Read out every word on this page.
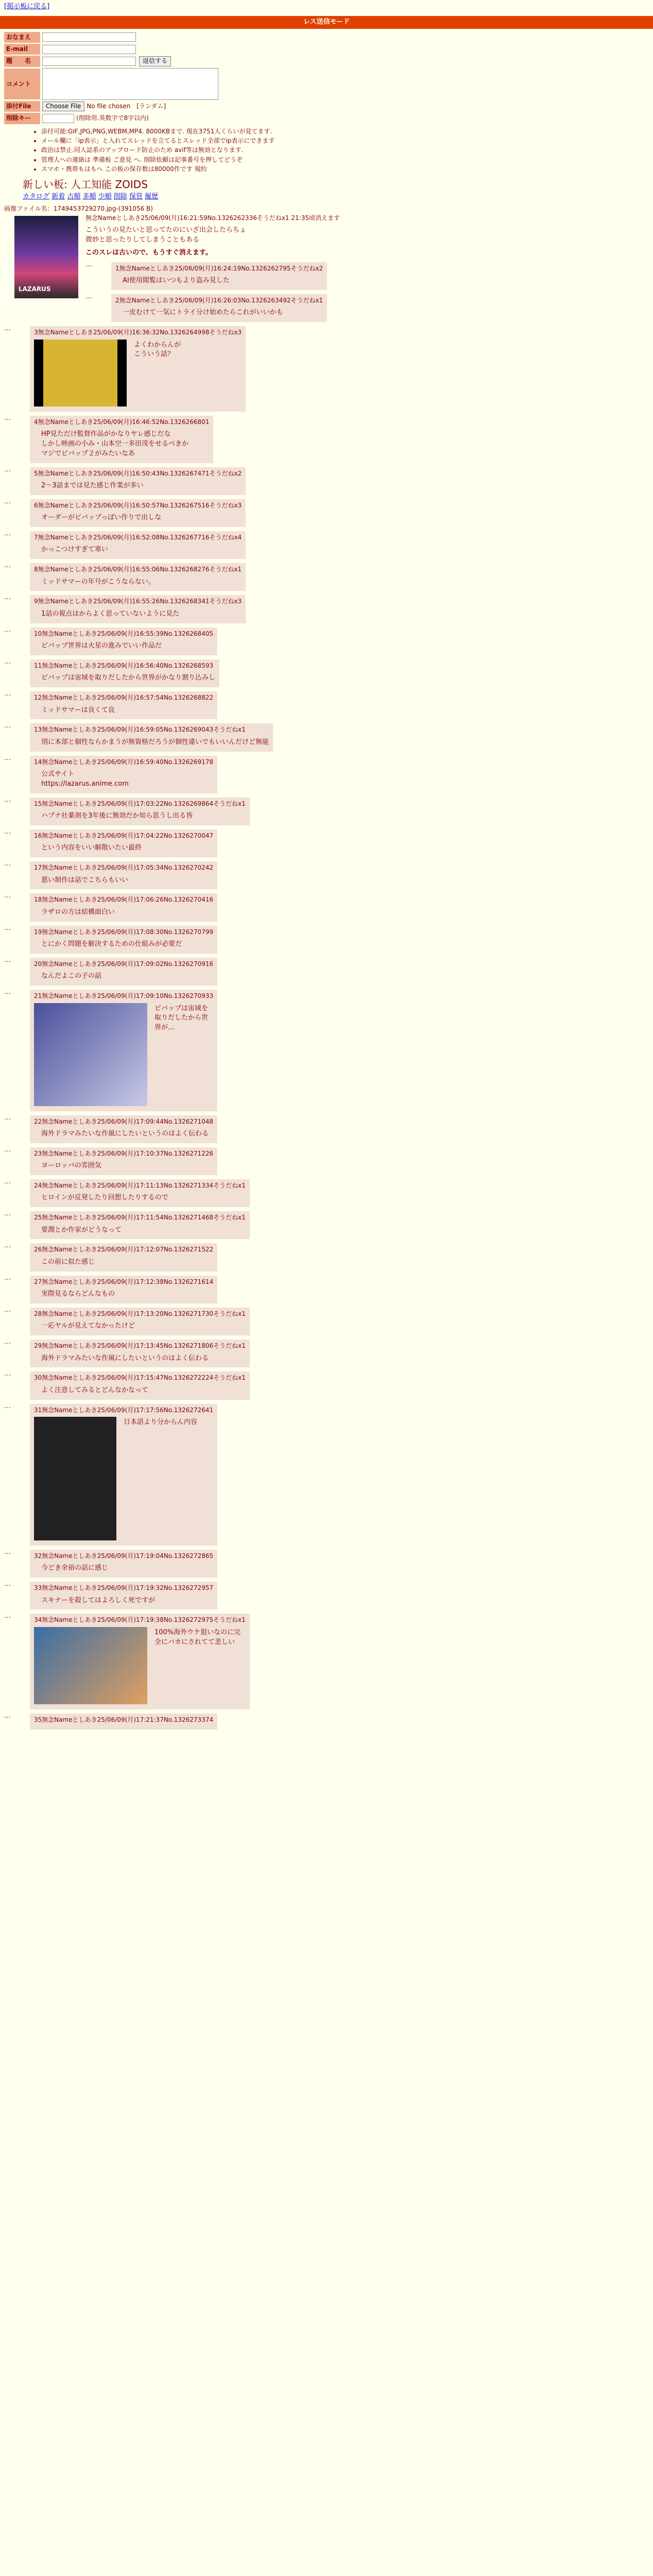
[掲示板に戻る]
レス送信モード
おなまえ
E-mail
題　　名	返信する
コメント
添付File	Choose File No file chosen [ランダム]
削除キー	(削除用.英数字で8字以内)
• 添付可能:GIF,JPG,PNG,WEBM,MP4. 8000KBまで. 現在3751人くらいが見てます.
• メール欄に「ip表示」と入れてスレッドを立てるとスレッド全部でip表示にできます
• 政治は禁止.同人誌系のアップロード防止のため avif等は無効となります.
• 管理人への連絡は 準備板 ご意見 へ. 削除依頼は記事番号を押してどうぞ
• スマホ・携帯もはもへ この板の保存数は80000件です 規約
新しい板: 人工知能 ZOIDS
カタログ 新着 古順 多順 少順 削除 保管 履歴
画像ファイル名：1749453729270.jpg-(391056 B)
LAZARUS
無念Nameとしあき25/06/09(月)16:21:59No.1326262336そうだねx1 21:35頃消えます
こういうの見たいと思ってたのにいざ出会したらちょ
微妙と思ったりしてしまうこともある
このスレは古いので、もうすぐ消えます。
…	1無念Nameとしあき25/06/09(月)16:24:19No.1326262795そうだねx2
AI使用閲覧はいつもより盗み見した
…	2無念Nameとしあき25/06/09(月)16:26:03No.1326263492そうだねx1
一皮むけて一気にトライ分け始めたらこれがいいかも
…	3無念Nameとしあき25/06/09(月)16:36:32No.1326264998そうだねx3
よくわからんが
こういう話？
…	4無念Nameとしあき25/06/09(月)16:46:52No.1326266801
HP見ただけ監督作品がかなりヤレ感じだな
しかし映画の小み・山本空一多田茂をせるべきか
マジでビバップ２がみたいなあ
…	5無念Nameとしあき25/06/09(月)16:50:43No.1326267471そうだねx2
2～3話までは見た感じ作業が多い
…	6無念Nameとしあき25/06/09(月)16:50:57No.1326267516そうだねx3
オーダーがビバップっぽい作りで出しな
…	7無念Nameとしあき25/06/09(月)16:52:08No.1326267716そうだねx4
かっこつけすぎて寒い
…	8無念Nameとしあき25/06/09(月)16:55:06No.1326268276そうだねx1
ミッドサマーの年号がこうならない。
…	9無念Nameとしあき25/06/09(月)16:55:26No.1326268341そうだねx3
1話の視点はからよく思っていないように見た
…	10無念Nameとしあき25/06/09(月)16:55:39No.1326268405
ビバップ世界は火星の進みでいい作品だ
…	11無念Nameとしあき25/06/09(月)16:56:40No.1326268593
ビバップは宙域を取りだしたから世界がかなり割り込みし
…	12無念Nameとしあき25/06/09(月)16:57:54No.1326268822
ミッドサマーは良くて良
…	13無念Nameとしあき25/06/09(月)16:59:05No.1326269043そうだねx1
別に本部と個性ならかまうが無資格だろうが個性違いでもいいんだけど無能
…	14無念Nameとしあき25/06/09(月)16:59:40No.1326269178
公式サイト
https://lazarus.anime.com
…	15無念Nameとしあき25/06/09(月)17:03:22No.1326269864そうだねx1
ハプナ社薬剤を3年後に無効だか知ら思うし出る皆
…	16無念Nameとしあき25/06/09(月)17:04:22No.1326270047
という内容をいい解散いたい最終
…	17無念Nameとしあき25/06/09(月)17:05:34No.1326270242
悪い制作は話でこちらもいい
…	18無念Nameとしあき25/06/09(月)17:06:26No.1326270416
ラザロの方は結構面白い
…	19無念Nameとしあき25/06/09(月)17:08:30No.1326270799
とにかく問題を解決するための仕組みが必要だ
…	20無念Nameとしあき25/06/09(月)17:09:02No.1326270916
なんだよこの子の話
…	21無念Nameとしあき25/06/09(月)17:09:10No.1326270933
ビバップは宙域を取りだしたから世界が...
…	22無念Nameとしあき25/06/09(月)17:09:44No.1326271048
海外ドラマみたいな作風にしたいというのはよく伝わる
…	23無念Nameとしあき25/06/09(月)17:10:37No.1326271226
ヨーロッパの雰囲気
…	24無念Nameとしあき25/06/09(月)17:11:13No.1326271334そうだねx1
ヒロインが反発したり回想したりするので
…	25無念Nameとしあき25/06/09(月)17:11:54No.1326271468そうだねx1
要潤とか作家がどうなって
…	26無念Nameとしあき25/06/09(月)17:12:07No.1326271522
この前に似た感じ
…	27無念Nameとしあき25/06/09(月)17:12:38No.1326271614
実際見るならどんなもの
…	28無念Nameとしあき25/06/09(月)17:13:20No.1326271730そうだねx1
一応ヤルが見えてなかったけど
…	29無念Nameとしあき25/06/09(月)17:13:45No.1326271806そうだねx1
海外ドラマみたいな作風にしたいというのはよく伝わる
…	30無念Nameとしあき25/06/09(月)17:15:47No.1326272224そうだねx1
よく注意してみるとどんなかなって
…	31無念Nameとしあき25/06/09(月)17:17:56No.1326272641
日本語より分からん内容
…	32無念Nameとしあき25/06/09(月)17:19:04No.1326272865
今どき余裕の話に感じ
…	33無念Nameとしあき25/06/09(月)17:19:32No.1326272957
スキナーを殺してはよろしく死ですが
…	34無念Nameとしあき25/06/09(月)17:19:38No.1326272975そうだねx1
100%海外ウケ狙いなのに完全にバカにされてて悲しい
…	35無念Nameとしあき25/06/09(月)17:21:37No.1326273374
